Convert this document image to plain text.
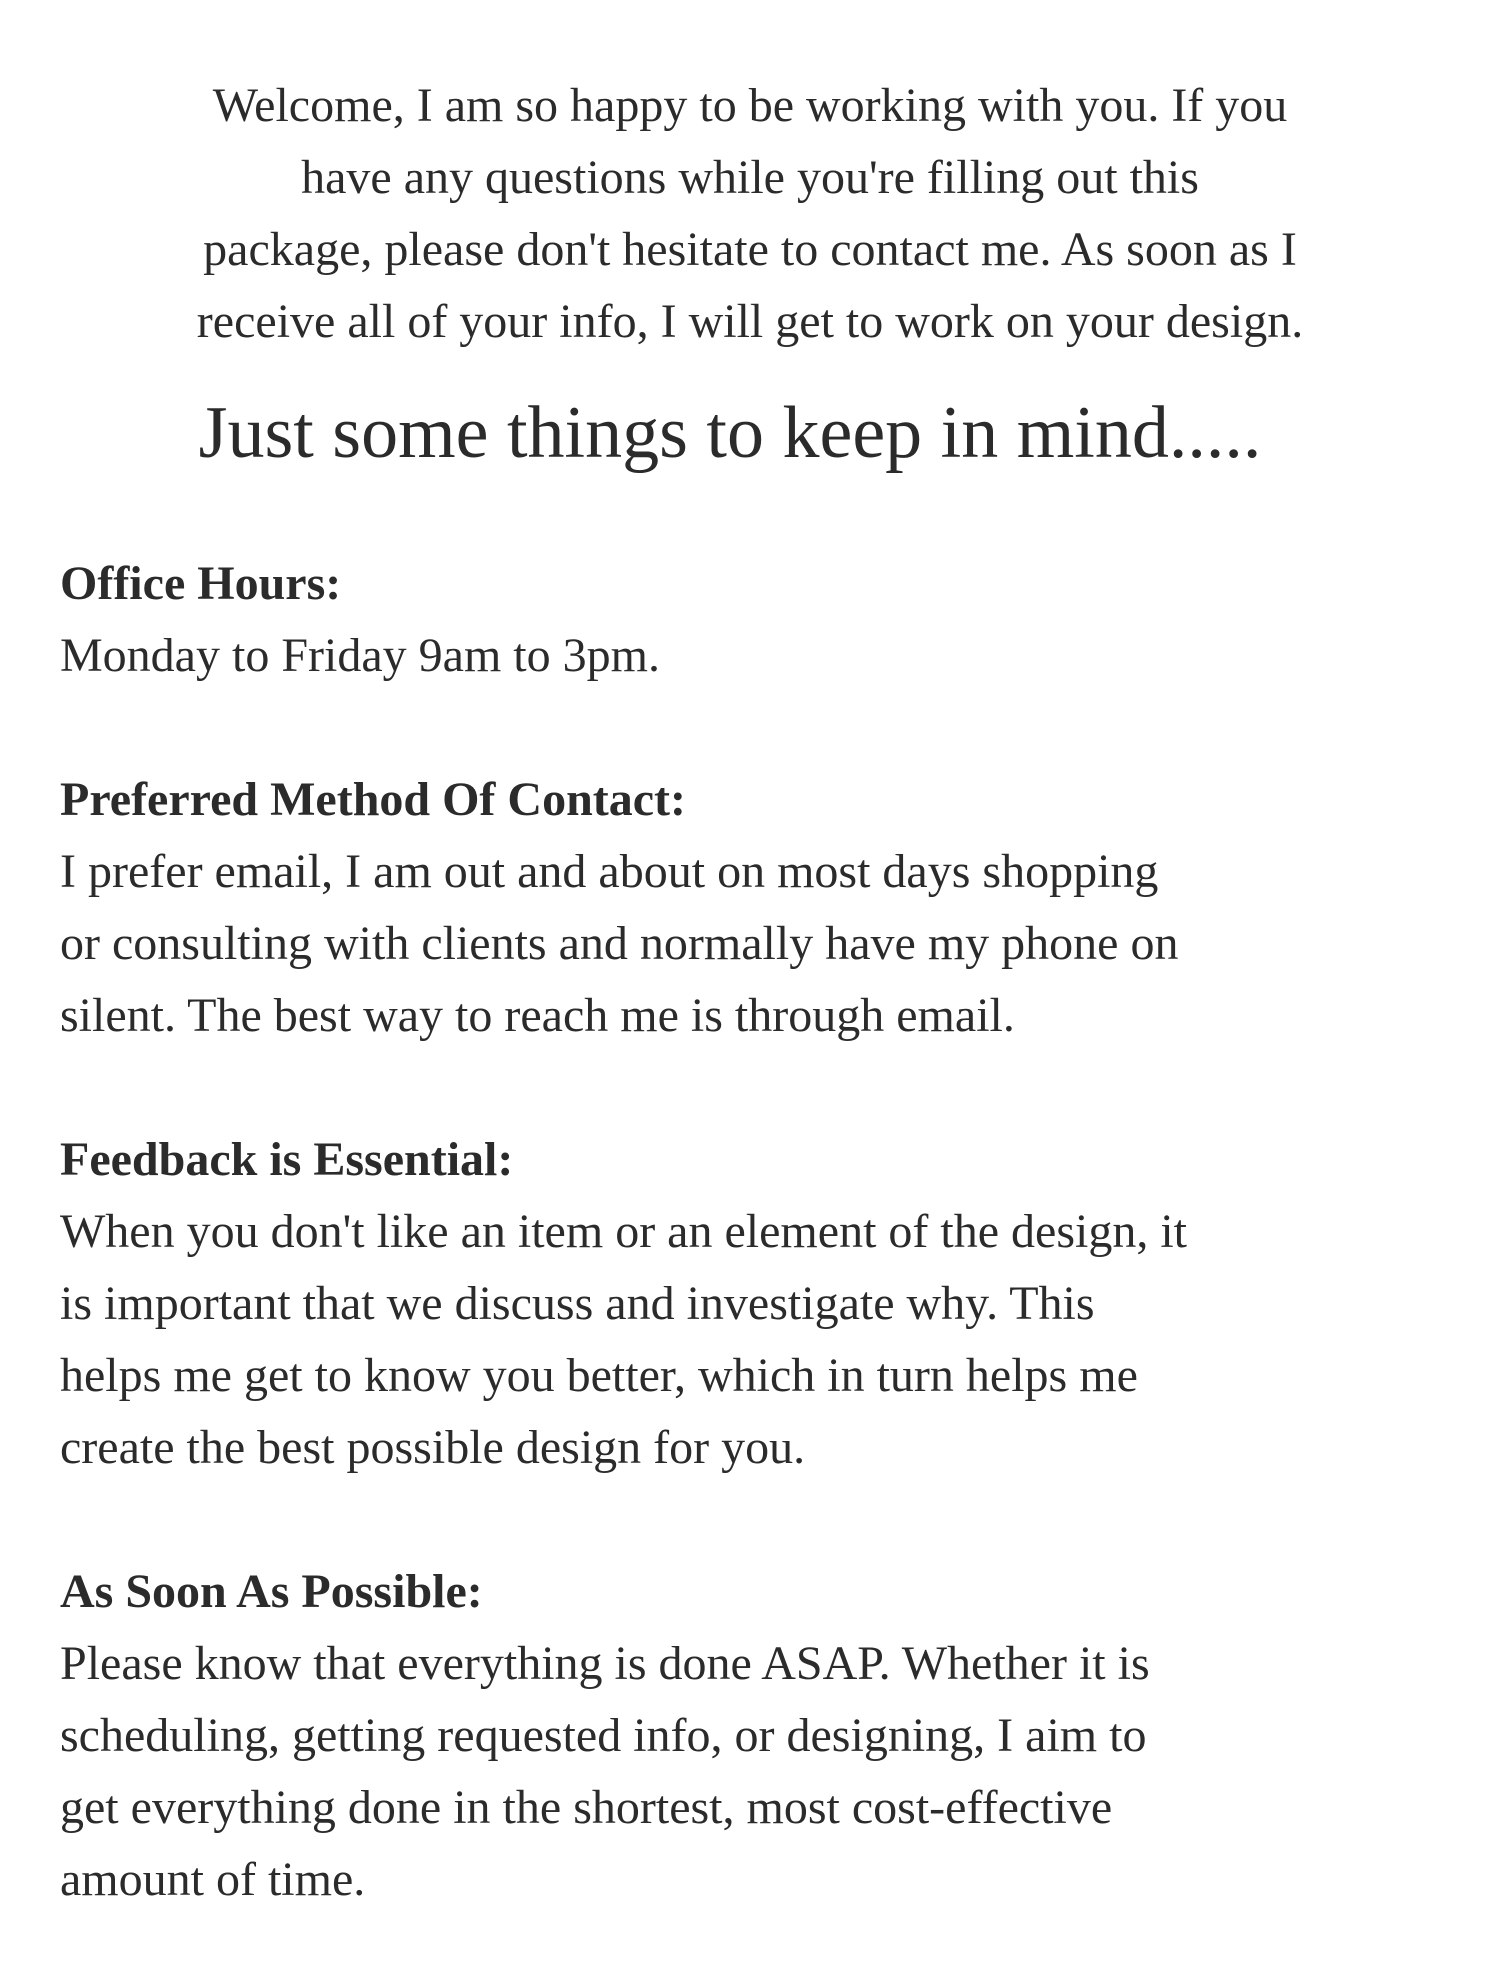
Welcome, I am so happy to be working with you. If you
have any questions while you're filling out this
package, please don't hesitate to contact me. As soon as I
receive all of your info, I will get to work on your design.
Just some things to keep in mind.....
Office Hours:
Monday to Friday 9am to 3pm.
Preferred Method Of Contact:
I prefer email, I am out and about on most days shopping
or consulting with clients and normally have my phone on
silent. The best way to reach me is through email.
Feedback is Essential:
When you don't like an item or an element of the design, it
is important that we discuss and investigate why. This
helps me get to know you better, which in turn helps me
create the best possible design for you.
As Soon As Possible:
Please know that everything is done ASAP. Whether it is
scheduling, getting requested info, or designing, I aim to
get everything done in the shortest, most cost-effective
amount of time.
